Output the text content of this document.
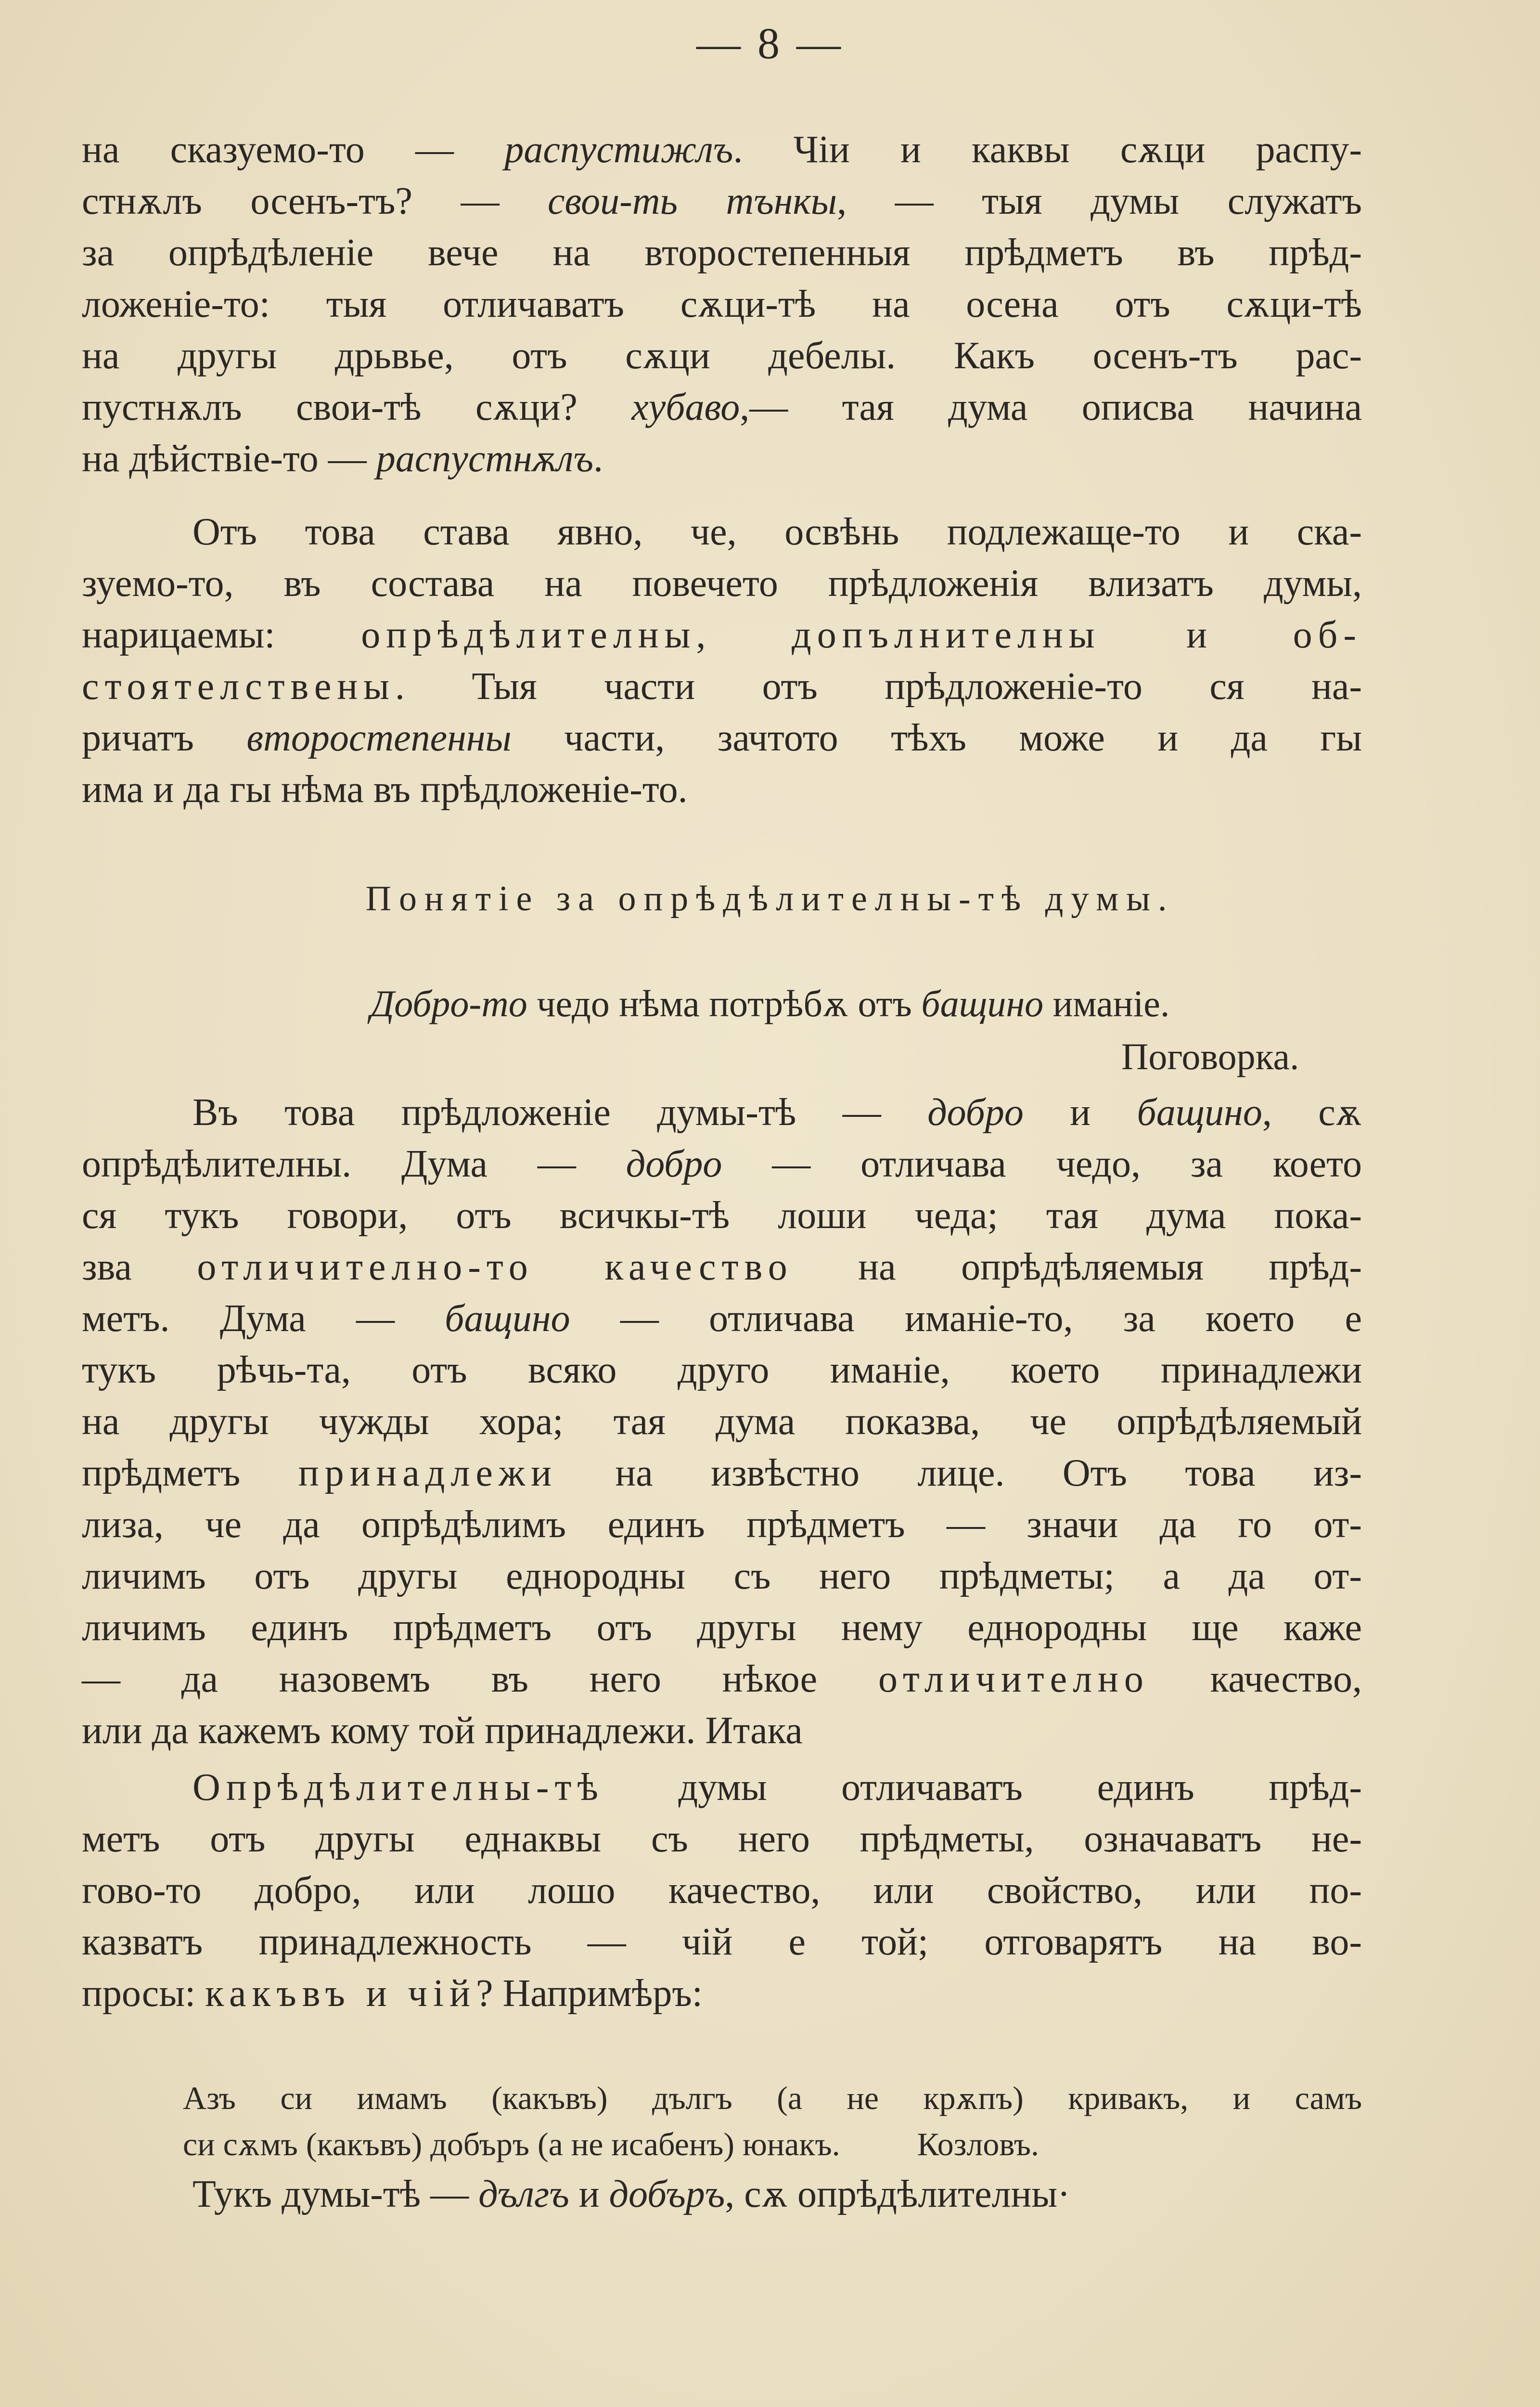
— 8 —

на сказуемо-то — распустижлъ. Чіи и каквы сѫци распу-
стнѫлъ осенъ-тъ? — свои-ть тънкы, — тыя думы служатъ
за опрѣдѣленіе вече на второстепенныя прѣдметъ въ прѣд-
ложеніе-то: тыя отличаватъ сѫци-тѣ на осена отъ сѫци-тѣ
на другы дрьвье, отъ сѫци дебелы. Какъ осенъ-тъ рас-
пустнѫлъ свои-тѣ сѫци? хубаво,— тая дума описва начина
на дѣйствіе-то — распустнѫлъ.

Отъ това става явно, че, освѣнь подлежаще-то и ска-
зуемо-то, въ состава на повечето прѣдложенія влизатъ думы,
нарицаемы: опрѣдѣлителны, допълнителны и об-
стоятелствены. Тыя части отъ прѣдложеніе-то ся на-
ричатъ второстепенны части, зачтото тѣхъ може и да гы
има и да гы нѣма въ прѣдложеніе-то.

Понятіе за опрѣдѣлителны-тѣ думы.
Добро-то чедо нѣма потрѣбѫ отъ бащино иманіе.
Поговорка.

Въ това прѣдложеніе думы-тѣ — добро и бащино, сѫ
опрѣдѣлителны. Дума — добро — отличава чедо, за което
ся тукъ говори, отъ всичкы-тѣ лоши чеда; тая дума пока-
зва отличително-то качество на опрѣдѣляемыя прѣд-
метъ. Дума — бащино — отличава иманіе-то, за което е
тукъ рѣчь-та, отъ всяко друго иманіе, което принадлежи
на другы чужды хора; тая дума показва, че опрѣдѣляемый
прѣдметъ принадлежи на извѣстно лице. Отъ това из-
лиза, че да опрѣдѣлимъ единъ прѣдметъ — значи да го от-
личимъ отъ другы еднородны съ него прѣдметы; а да от-
личимъ единъ прѣдметъ отъ другы нему еднородны ще каже
— да назовемъ въ него нѣкое отличително качество,
или да кажемъ кому той принадлежи. Итака

Опрѣдѣлителны-тѣ думы отличаватъ единъ прѣд-
метъ отъ другы еднаквы съ него прѣдметы, означаватъ не-
гово-то добро, или лошо качество, или свойство, или по-
казватъ принадлежность — чій е той; отговарятъ на во-
просы: какъвъ и чій? Напримѣръ:

Азъ си имамъ (какъвъ) дългъ (а не крѫпъ) кривакъ, и самъ
си сѫмъ (какъвъ) добъръ (а не исабенъ) юнакъ. Козловъ.

Тукъ думы-тѣ — дългъ и добъръ, сѫ опрѣдѣлителны·
